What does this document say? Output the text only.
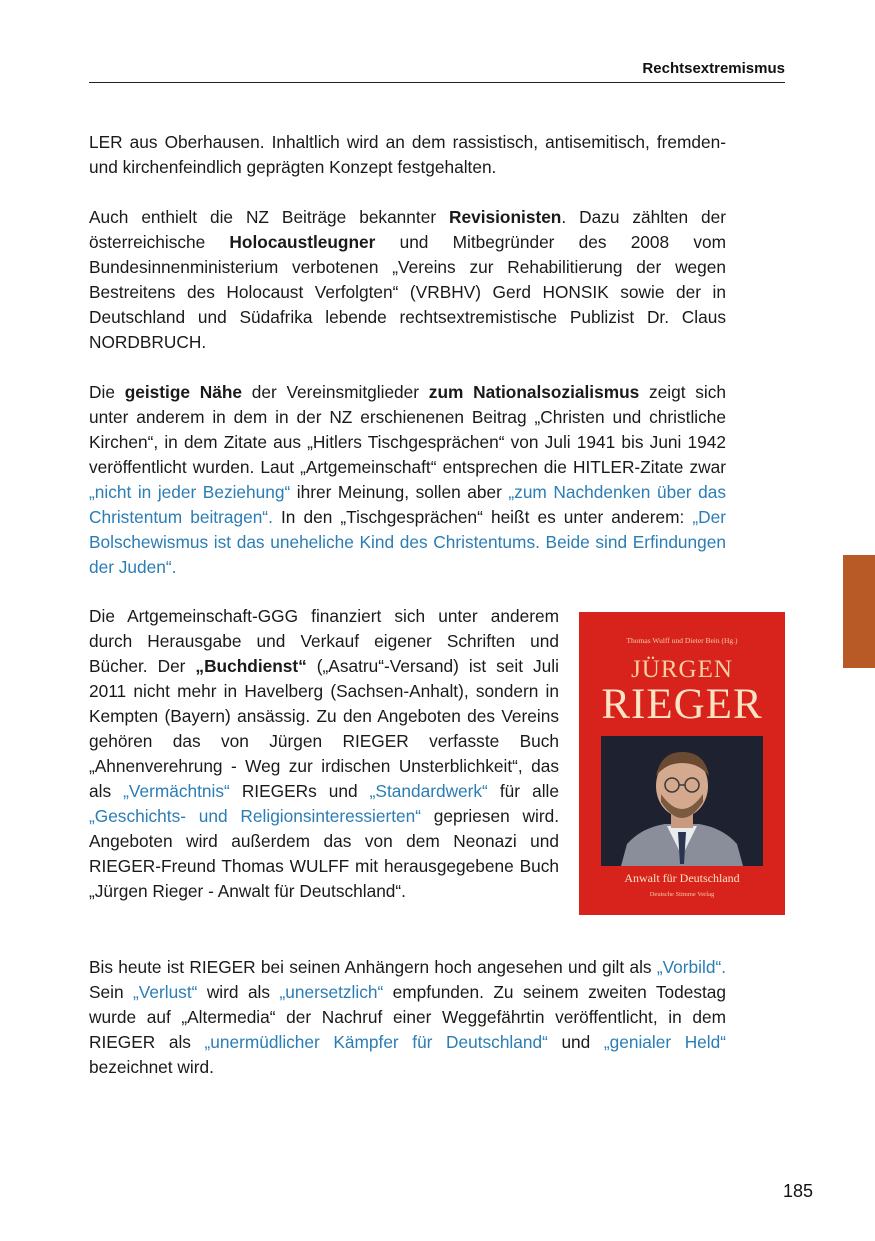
Rechtsextremismus

LER aus Oberhausen. Inhaltlich wird an dem rassistisch, antisemitisch, fremden- und kirchenfeindlich geprägten Konzept festgehalten.

Auch enthielt die NZ Beiträge bekannter Revisionisten. Dazu zählten der österreichische Holocaustleugner und Mitbegründer des 2008 vom Bundesinnenministerium verbotenen „Vereins zur Rehabilitierung der wegen Bestreitens des Holocaust Verfolgten“ (VRBHV) Gerd HONSIK sowie der in Deutschland und Südafrika lebende rechtsextremistische Publizist Dr. Claus NORDBRUCH.

Die geistige Nähe der Vereinsmitglieder zum Nationalsozialismus zeigt sich unter anderem in dem in der NZ erschienenen Beitrag „Christen und christliche Kirchen“, in dem Zitate aus „Hitlers Tischgesprächen“ von Juli 1941 bis Juni 1942 veröffentlicht wurden. Laut „Artgemeinschaft“ entsprechen die HITLER-Zitate zwar „nicht in jeder Beziehung“ ihrer Meinung, sollen aber „zum Nachdenken über das Christentum beitragen“. In den „Tischgesprächen“ heißt es unter anderem: „Der Bolschewismus ist das uneheliche Kind des Christentums. Beide sind Erfindungen der Juden“.

Die Artgemeinschaft-GGG finanziert sich unter anderem durch Herausgabe und Verkauf eigener Schriften und Bücher. Der „Buchdienst“ („Asatru“-Versand) ist seit Juli 2011 nicht mehr in Havelberg (Sachsen-Anhalt), sondern in Kempten (Bayern) ansässig. Zu den Angeboten des Vereins gehören das von Jürgen RIEGER verfasste Buch „Ahnenverehrung - Weg zur irdischen Unsterblichkeit“, das als „Vermächtnis“ RIEGERs und „Standardwerk“ für alle „Geschichts- und Religionsinteressierten“ gepriesen wird. Angeboten wird außerdem das von dem Neonazi und RIEGER-Freund Thomas WULFF mit herausgegebene Buch „Jürgen Rieger - Anwalt für Deutschland“.

Thomas Wulff und Dieter Bein (Hg.)
JÜRGEN
RIEGER
Anwalt für Deutschland
Deutsche Stimme Verlag

Bis heute ist RIEGER bei seinen Anhängern hoch angesehen und gilt als „Vorbild“. Sein „Verlust“ wird als „unersetzlich“ empfunden. Zu seinem zweiten Todestag wurde auf „Altermedia“ der Nachruf einer Weggefährtin veröffentlicht, in dem RIEGER als „unermüdlicher Kämpfer für Deutschland“ und „genialer Held“ bezeichnet wird.

185
